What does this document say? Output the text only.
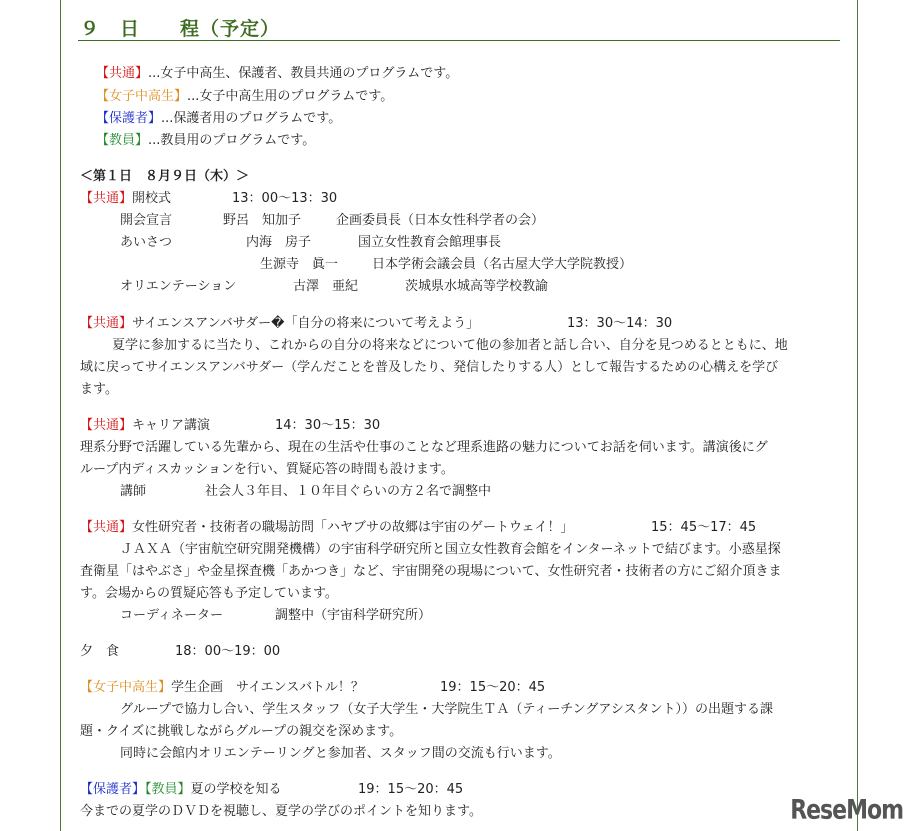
９　日　　程（予定）
【共通】...女子中高生、保護者、教員共通のプログラムです。
【女子中高生】...女子中高生用のプログラムです。
【保護者】...保護者用のプログラムです。
【教員】...教員用のプログラムです。
＜第１日　８月９日（木）＞
【共通】開校式	13：00〜13：30
開会宣言	野呂　知加子	企画委員長（日本女性科学者の会）
あいさつ	内海　房子	国立女性教育会館理事長
生源寺　眞一	日本学術会議会員（名古屋大学大学院教授）
オリエンテーション	古澤　亜紀	茨城県水城高等学校教諭
【共通】サイエンスアンバサダー�「自分の将来について考えよう」	13：30〜14：30
夏学に参加するに当たり、これからの自分の将来などについて他の参加者と話し合い、自分を見つめるとともに、地
域に戻ってサイエンスアンバサダー（学んだことを普及したり、発信したりする人）として報告するための心構えを学び
ます。
【共通】キャリア講演	14：30〜15：30
理系分野で活躍している先輩から、現在の生活や仕事のことなど理系進路の魅力についてお話を伺います。講演後にグ
ループ内ディスカッションを行い、質疑応答の時間も設けます。
講師	社会人３年目、１０年目ぐらいの方２名で調整中
【共通】女性研究者・技術者の職場訪問「ハヤブサの故郷は宇宙のゲートウェイ！」	15：45〜17：45
ＪＡＸＡ（宇宙航空研究開発機構）の宇宙科学研究所と国立女性教育会館をインターネットで結びます。小惑星探
査衛星「はやぶさ」や金星探査機「あかつき」など、宇宙開発の現場について、女性研究者・技術者の方にご紹介頂きま
す。会場からの質疑応答も予定しています。
コーディネーター	調整中（宇宙科学研究所）
夕　食	18：00〜19：00
【女子中高生】学生企画　サイエンスバトル！？	19：15〜20：45
グループで協力し合い、学生スタッフ（女子大学生・大学院生ＴＡ（ティーチングアシスタント））の出題する課
題・クイズに挑戦しながらグループの親交を深めます。
同時に会館内オリエンテーリングと参加者、スタッフ間の交流も行います。
【保護者】【教員】夏の学校を知る	19：15〜20：45
今までの夏学のＤＶＤを視聴し、夏学の学びのポイントを知ります。	ReseMom
